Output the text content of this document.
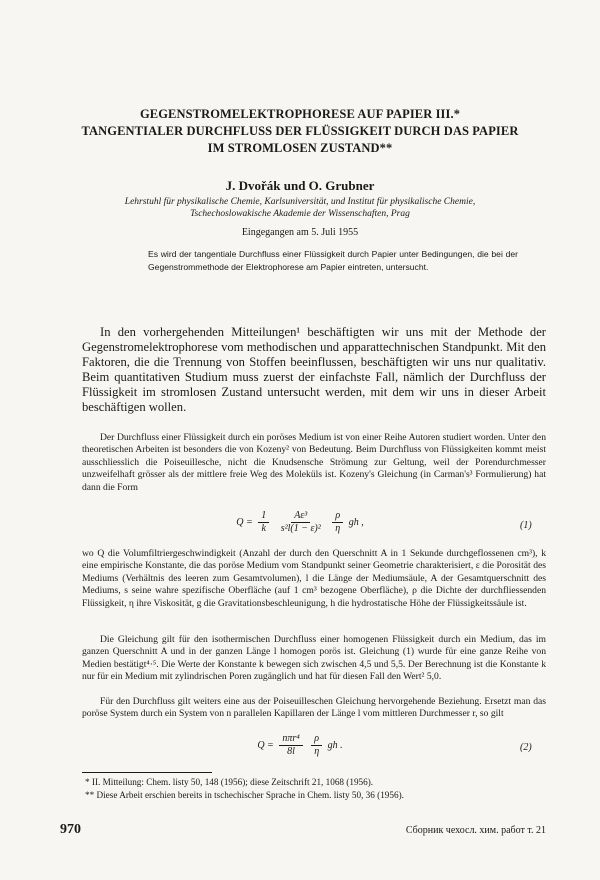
GEGENSTROMELEKTROPHORESE AUF PAPIER III.*
TANGENTIALER DURCHFLUSS DER FLÜSSIGKEIT DURCH DAS PAPIER
IM STROMLOSEN ZUSTAND**
J. Dvořák und O. Grubner
Lehrstuhl für physikalische Chemie, Karlsuniversität, und Institut für physikalische Chemie,
Tschechoslowakische Akademie der Wissenschaften, Prag
Eingegangen am 5. Juli 1955
Es wird der tangentiale Durchfluss einer Flüssigkeit durch Papier unter Bedingungen, die bei der Gegenstrommethode der Elektrophorese am Papier eintreten, untersucht.

In den vorhergehenden Mitteilungen¹ beschäftigten wir uns mit der Methode der Gegenstromelektrophorese vom methodischen und apparattechnischen Standpunkt. Mit den Faktoren, die die Trennung von Stoffen beeinflussen, beschäftigten wir uns nur qualitativ. Beim quantitativen Studium muss zuerst der einfachste Fall, nämlich der Durchfluss der Flüssigkeit im stromlosen Zustand untersucht werden, mit dem wir uns in dieser Arbeit beschäftigen wollen.

Der Durchfluss einer Flüssigkeit durch ein poröses Medium ist von einer Reihe Autoren studiert worden. Unter den theoretischen Arbeiten ist besonders die von Kozeny² von Bedeutung. Beim Durchfluss von Flüssigkeiten kommt meist ausschliesslich die Poiseuillesche, nicht die Knudsensche Strömung zur Geltung, weil der Porendurchmesser unzweifelhaft grösser als der mittlere freie Weg des Moleküls ist. Kozeny's Gleichung (in Carman's³ Formulierung) hat dann die Form

$Q = \frac{1}{k}$
$\frac{\text{Aε³}}{\text{s²l(1 − ε)²}}$
$\frac{\rho}{\eta}$ gh ,	(1)

wo Q die Volumfiltriergeschwindigkeit (Anzahl der durch den Querschnitt A in 1 Sekunde durchgeflossenen cm³), k eine empirische Konstante, die das poröse Medium vom Standpunkt seiner Geometrie charakterisiert, ε die Porosität des Mediums (Verhältnis des leeren zum Gesamtvolumen), l die Länge der Mediumsäule, A der Gesamtquerschnitt des Mediums, s seine wahre spezifische Oberfläche (auf 1 cm³ bezogene Oberfläche), ρ die Dichte der durchfliessenden Flüssigkeit, η ihre Viskosität, g die Gravitationsbeschleunigung, h die hydrostatische Höhe der Flüssigkeitssäule ist.

Die Gleichung gilt für den isothermischen Durchfluss einer homogenen Flüssigkeit durch ein Medium, das im ganzen Querschnitt A und in der ganzen Länge l homogen porös ist. Gleichung (1) wurde für eine ganze Reihe von Medien bestätigt⁴·⁵. Die Werte der Konstante k bewegen sich zwischen 4,5 und 5,5. Der Berechnung ist die Konstante k nur für ein Medium mit zylindrischen Poren zugänglich und hat für diesen Fall den Wert² 5,0.

Für den Durchfluss gilt weiters eine aus der Poiseuilleschen Gleichung hervorgehende Beziehung. Ersetzt man das poröse System durch ein System von n parallelen Kapillaren der Länge l vom mittleren Durchmesser r, so gilt

$Q = \frac{\text{nπr⁴}}{8l}$
$\frac{\rho}{\eta}$ gh .	(2)
* II. Mitteilung: Chem. listy 50, 148 (1956); diese Zeitschrift 21, 1068 (1956).
** Diese Arbeit erschien bereits in tschechischer Sprache in Chem. listy 50, 36 (1956).
970	Сборник чехосл. хим. работ т. 21
